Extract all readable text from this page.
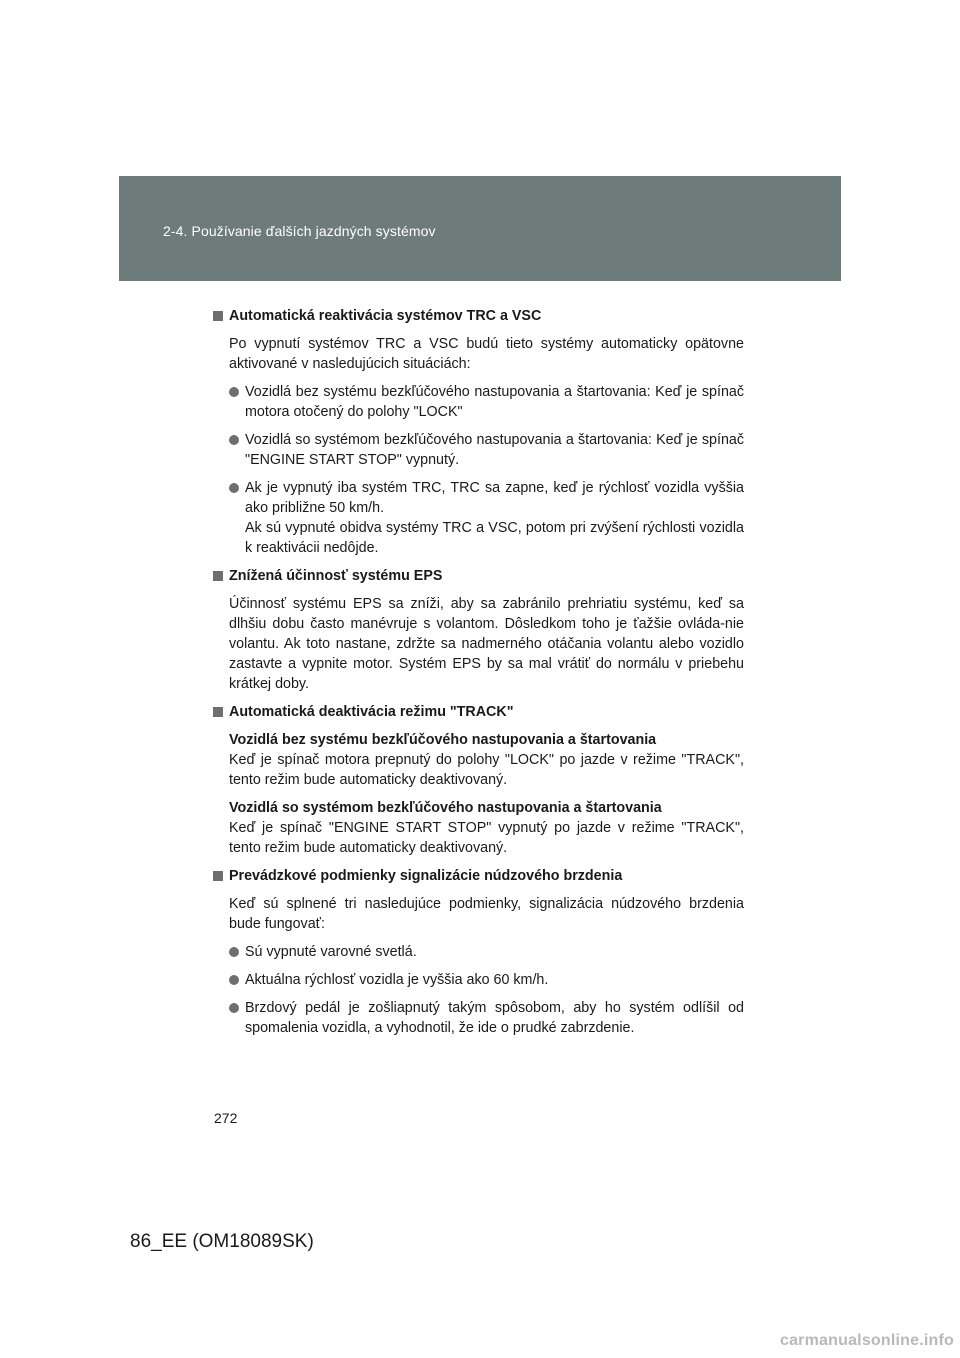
2-4. Používanie ďalších jazdných systémov
Automatická reaktivácia systémov TRC a VSC
Po vypnutí systémov TRC a VSC budú tieto systémy automaticky opätovne aktivované v nasledujúcich situáciách:
Vozidlá bez systému bezkľúčového nastupovania a štartovania: Keď je spínač motora otočený do polohy "LOCK"
Vozidlá so systémom bezkľúčového nastupovania a štartovania: Keď je spínač "ENGINE START STOP" vypnutý.
Ak je vypnutý iba systém TRC, TRC sa zapne, keď je rýchlosť vozidla vyššia ako približne 50 km/h.
Ak sú vypnuté obidva systémy TRC a VSC, potom pri zvýšení rýchlosti vozidla k reaktivácii nedôjde.
Znížená účinnosť systému EPS
Účinnosť systému EPS sa zníži, aby sa zabránilo prehriatiu systému, keď sa dlhšiu dobu často manévruje s volantom. Dôsledkom toho je ťažšie ovláda-nie volantu. Ak toto nastane, zdržte sa nadmerného otáčania volantu alebo vozidlo zastavte a vypnite motor. Systém EPS by sa mal vrátiť do normálu v priebehu krátkej doby.
Automatická deaktivácia režimu "TRACK"
Vozidlá bez systému bezkľúčového nastupovania a štartovania
Keď je spínač motora prepnutý do polohy "LOCK" po jazde v režime "TRACK", tento režim bude automaticky deaktivovaný.
Vozidlá so systémom bezkľúčového nastupovania a štartovania
Keď je spínač "ENGINE START STOP" vypnutý po jazde v režime "TRACK", tento režim bude automaticky deaktivovaný.
Prevádzkové podmienky signalizácie núdzového brzdenia
Keď sú splnené tri nasledujúce podmienky, signalizácia núdzového brzdenia bude fungovať:
Sú vypnuté varovné svetlá.
Aktuálna rýchlosť vozidla je vyššia ako 60 km/h.
Brzdový pedál je zošliapnutý takým spôsobom, aby ho systém odlíšil od spomalenia vozidla, a vyhodnotil, že ide o prudké zabrzdenie.
272
86_EE (OM18089SK)
carmanualsonline.info
